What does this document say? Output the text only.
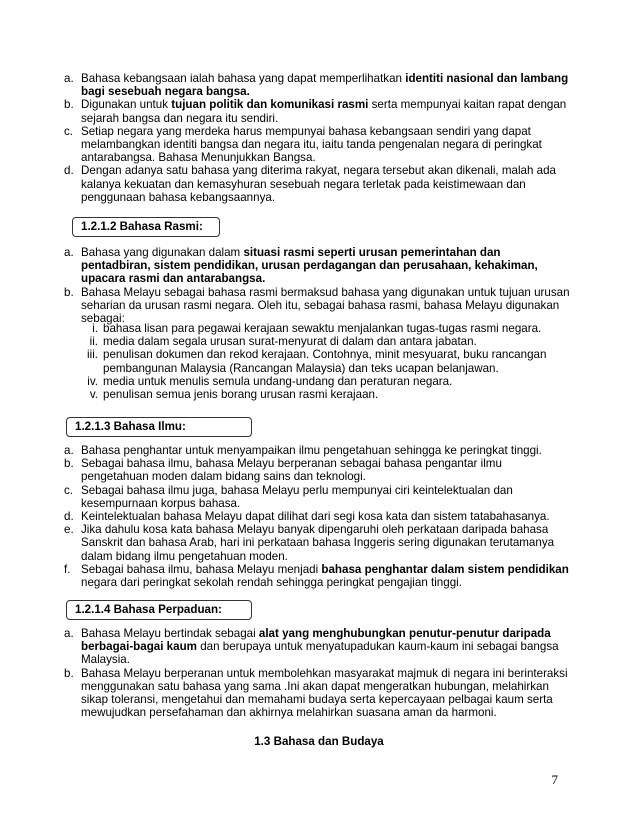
a. Bahasa kebangsaan ialah bahasa yang dapat memperlihatkan identiti nasional dan lambang bagi sesebuah negara bangsa.
b. Digunakan untuk tujuan politik dan komunikasi rasmi serta mempunyai kaitan rapat dengan sejarah bangsa dan negara itu sendiri.
c. Setiap negara yang merdeka harus mempunyai bahasa kebangsaan sendiri yang dapat melambangkan identiti bangsa dan negara itu, iaitu tanda pengenalan negara di peringkat antarabangsa. Bahasa Menunjukkan Bangsa.
d. Dengan adanya satu bahasa yang diterima rakyat, negara tersebut akan dikenali, malah ada kalanya kekuatan dan kemasyhuran sesebuah negara terletak pada keistimewaan dan penggunaan bahasa kebangsaannya.
1.2.1.2 Bahasa Rasmi:
a. Bahasa yang digunakan dalam situasi rasmi seperti urusan pemerintahan dan pentadbiran, sistem pendidikan, urusan perdagangan dan perusahaan, kehakiman, upacara rasmi dan antarabangsa.
b. Bahasa Melayu sebagai bahasa rasmi bermaksud bahasa yang digunakan untuk tujuan urusan seharian da urusan rasmi negara. Oleh itu, sebagai bahasa rasmi, bahasa Melayu digunakan sebagai:
i. bahasa lisan para pegawai kerajaan sewaktu menjalankan tugas-tugas rasmi negara.
ii. media dalam segala urusan surat-menyurat di dalam dan antara jabatan.
iii. penulisan dokumen dan rekod kerajaan. Contohnya, minit mesyuarat, buku rancangan pembangunan Malaysia (Rancangan Malaysia) dan teks ucapan belanjawan.
iv. media untuk menulis semula undang-undang dan peraturan negara.
v. penulisan semua jenis borang urusan rasmi kerajaan.
1.2.1.3 Bahasa Ilmu:
a. Bahasa penghantar untuk menyampaikan ilmu pengetahuan sehingga ke peringkat tinggi.
b. Sebagai bahasa ilmu, bahasa Melayu berperanan sebagai bahasa pengantar ilmu pengetahuan moden dalam bidang sains dan teknologi.
c. Sebagai bahasa ilmu juga, bahasa Melayu perlu mempunyai ciri keintelektualan dan kesempurnaan korpus bahasa.
d. Keintelektualan bahasa Melayu dapat dilihat dari segi kosa kata dan sistem tatabahasanya.
e. Jika dahulu kosa kata bahasa Melayu banyak dipengaruhi oleh perkataan daripada bahasa Sanskrit dan bahasa Arab, hari ini perkataan bahasa Inggeris sering digunakan terutamanya dalam bidang ilmu pengetahuan moden.
f. Sebagai bahasa ilmu, bahasa Melayu menjadi bahasa penghantar dalam sistem pendidikan negara dari peringkat sekolah rendah sehingga peringkat pengajian tinggi.
1.2.1.4 Bahasa Perpaduan:
a. Bahasa Melayu bertindak sebagai alat yang menghubungkan penutur-penutur daripada berbagai-bagai kaum dan berupaya untuk menyatupadukan kaum-kaum ini sebagai bangsa Malaysia.
b. Bahasa Melayu berperanan untuk membolehkan masyarakat majmuk di negara ini berinteraksi menggunakan satu bahasa yang sama .Ini akan dapat mengeratkan hubungan, melahirkan sikap toleransi, mengetahui dan memahami budaya serta kepercayaan pelbagai kaum serta mewujudkan persefahaman dan akhirnya melahirkan suasana aman da harmoni.
1.3 Bahasa dan Budaya
7
